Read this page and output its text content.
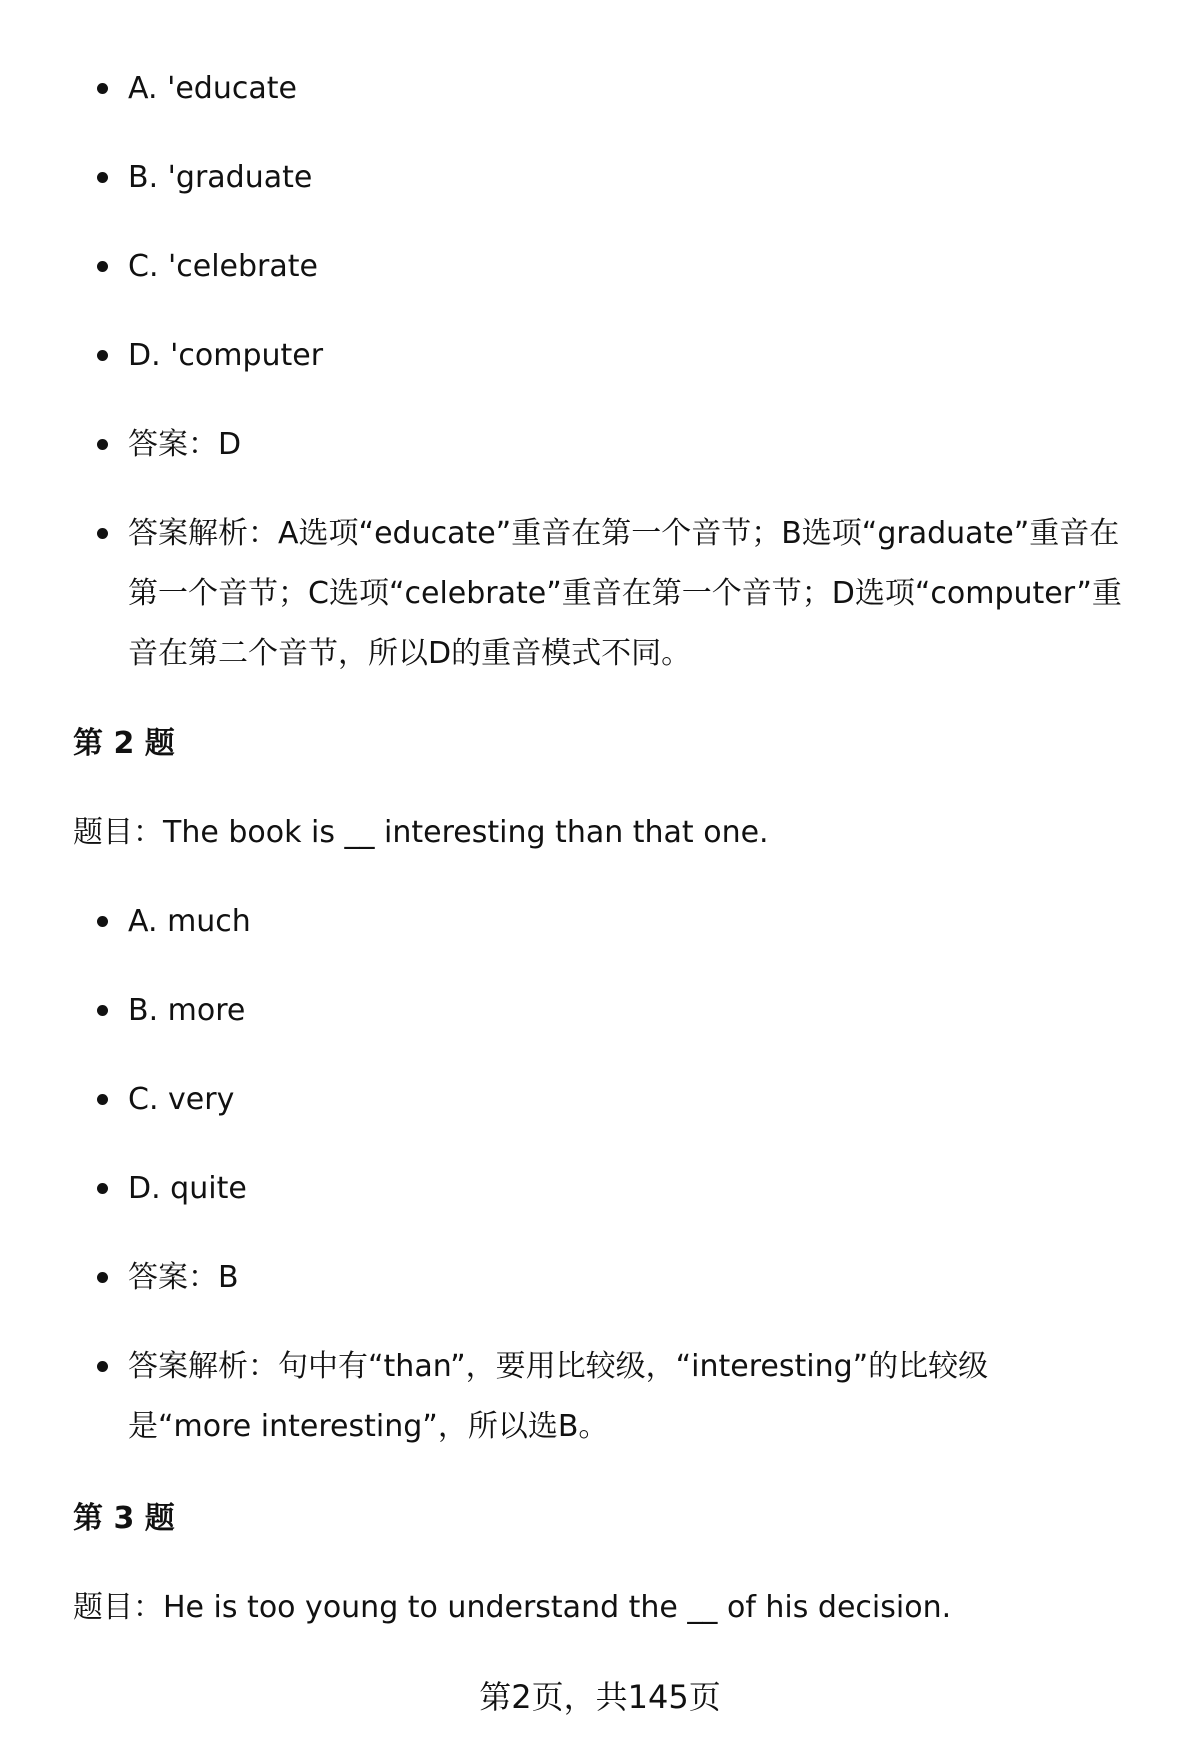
A. 'educate
B. 'graduate
C. 'celebrate
D. 'computer
答案：D
答案解析：A选项“educate”重音在第一个音节；B选项“graduate”重音在
第一个音节；C选项“celebrate”重音在第一个音节；D选项“computer”重
音在第二个音节，所以D的重音模式不同。
第 2 题
题目：The book is __ interesting than that one.
A. much
B. more
C. very
D. quite
答案：B
答案解析：句中有“than”，要用比较级，“interesting”的比较级
是“more interesting”，所以选B。
第 3 题
题目：He is too young to understand the __ of his decision.
第2页，共145页
